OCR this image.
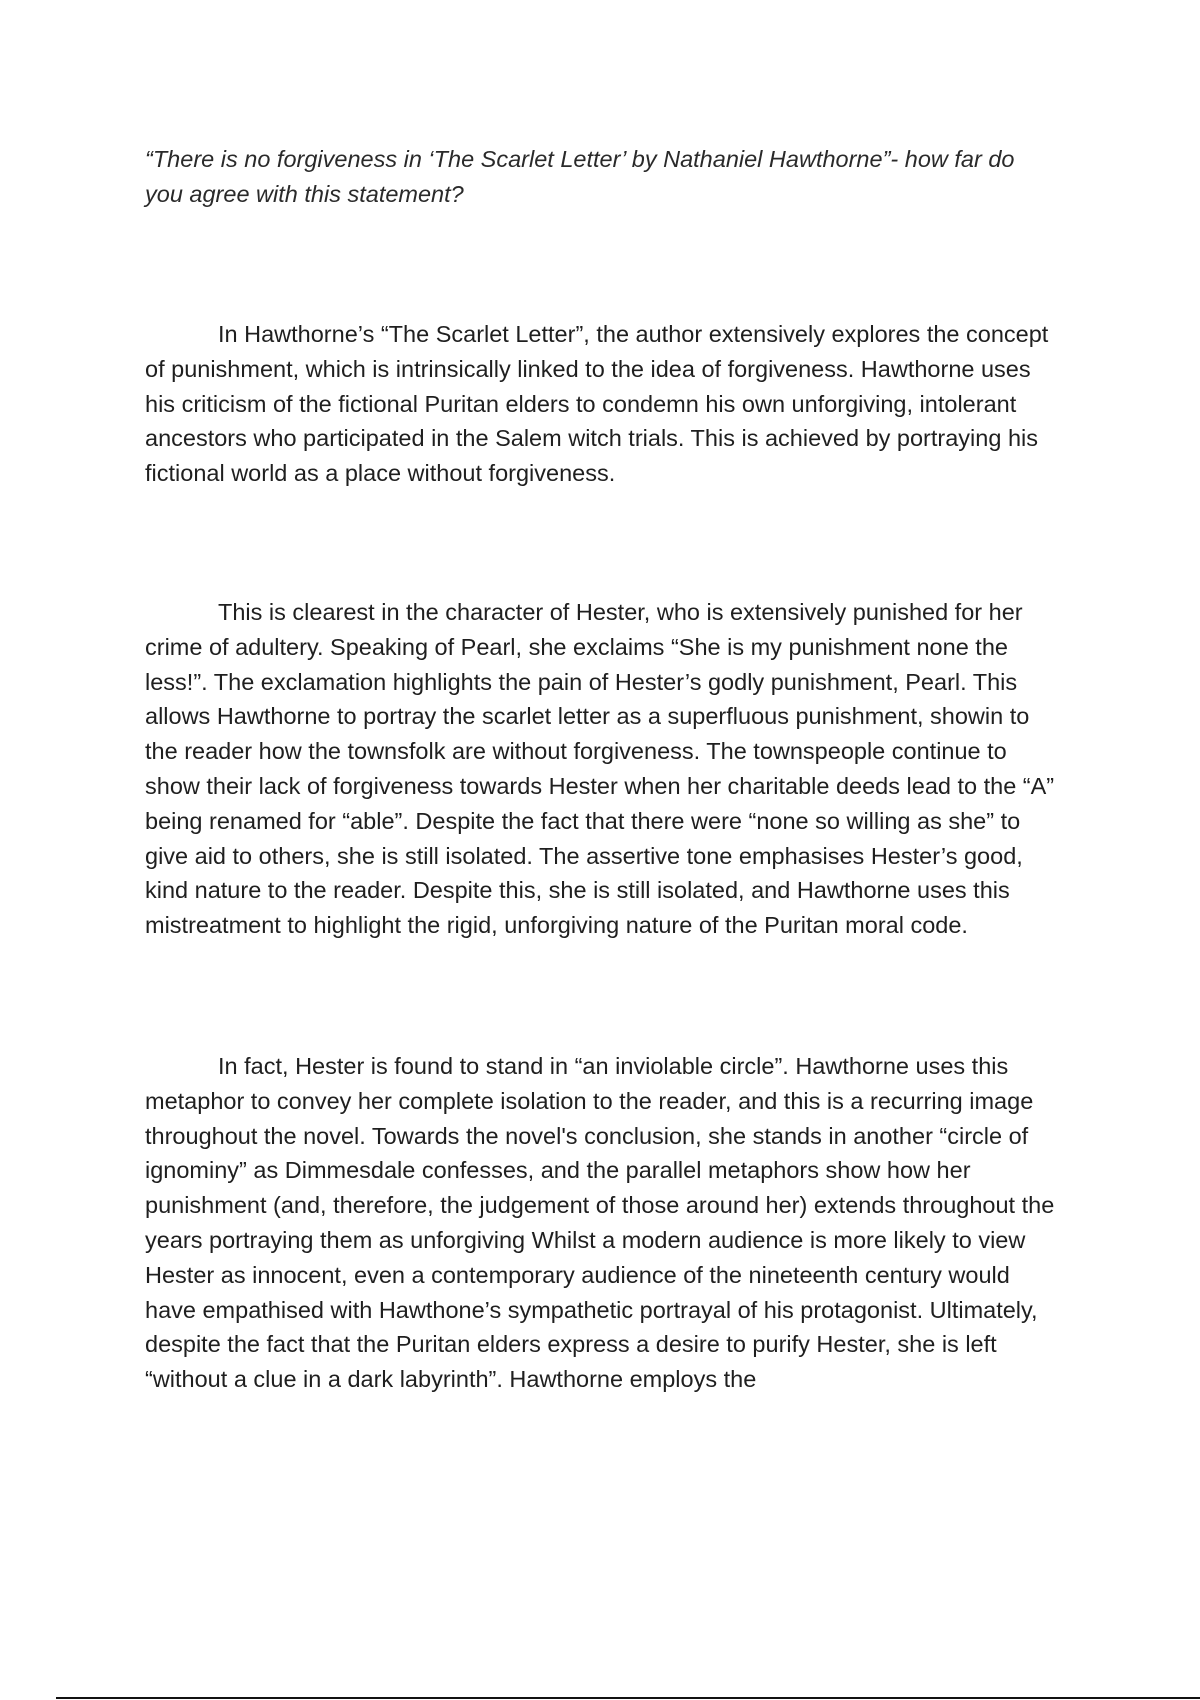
“There is no forgiveness in ‘The Scarlet Letter’ by Nathaniel Hawthorne”- how far do you agree with this statement?

In Hawthorne’s “The Scarlet Letter”, the author extensively explores the concept of punishment, which is intrinsically linked to the idea of forgiveness. Hawthorne uses his criticism of the fictional Puritan elders to condemn his own unforgiving, intolerant ancestors who participated in the Salem witch trials. This is achieved by portraying his fictional world as a place without forgiveness.

This is clearest in the character of Hester, who is extensively punished for her crime of adultery. Speaking of Pearl, she exclaims “She is my punishment none the less!”. The exclamation highlights the pain of Hester’s godly punishment, Pearl. This allows Hawthorne to portray the scarlet letter as a superfluous punishment, showin to the reader how the townsfolk are without forgiveness. The townspeople continue to show their lack of forgiveness towards Hester when her charitable deeds lead to the “A” being renamed for “able”. Despite the fact that there were “none so willing as she” to give aid to others, she is still isolated. The assertive tone emphasises Hester’s good, kind nature to the reader. Despite this, she is still isolated, and Hawthorne uses this mistreatment to highlight the rigid, unforgiving nature of the Puritan moral code.

In fact, Hester is found to stand in “an inviolable circle”. Hawthorne uses this metaphor to convey her complete isolation to the reader, and this is a recurring image throughout the novel. Towards the novel's conclusion, she stands in another “circle of ignominy” as Dimmesdale confesses, and the parallel metaphors show how her punishment (and, therefore, the judgement of those around her) extends throughout the years portraying them as unforgiving Whilst a modern audience is more likely to view Hester as innocent, even a contemporary audience of the nineteenth century would have empathised with Hawthone’s sympathetic portrayal of his protagonist. Ultimately, despite the fact that the Puritan elders express a desire to purify Hester, she is left “without a clue in a dark labyrinth”. Hawthorne employs the
